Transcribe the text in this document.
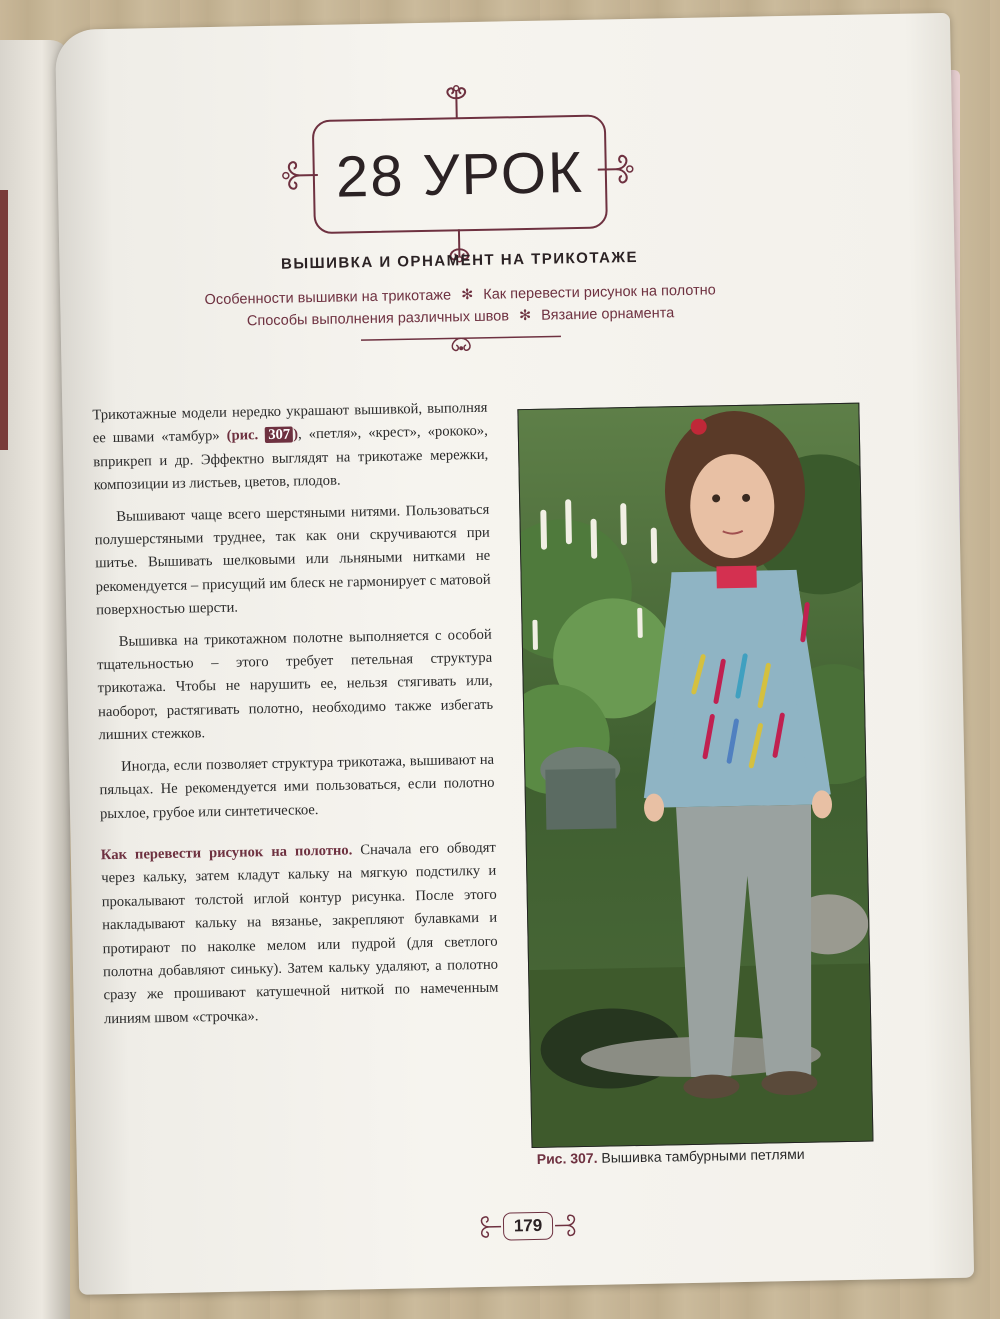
28 УРОК
ВЫШИВКА И ОРНАМЕНТ НА ТРИКОТАЖЕ
Особенности вышивки на трикотаже ✻ Как перевести рисунок на полотно
Способы выполнения различных швов ✻ Вязание орнамента

Трикотажные модели нередко украшают вышивкой, выполняя ее швами «тамбур» (рис. 307 ), «петля», «крест», «рококо», вприкреп и др. Эффектно выглядят на трикотаже мережки, композиции из листьев, цветов, плодов.

Вышивают чаще всего шерстяными нитями. Пользоваться полушерстяными труднее, так как они скручиваются при шитье. Вышивать шелковыми или льняными нитками не рекомендуется – присущий им блеск не гармонирует с матовой поверхностью шерсти.

Вышивка на трикотажном полотне выполняется с особой тщательностью – этого требует петельная структура трикотажа. Чтобы не нарушить ее, нельзя стягивать или, наоборот, растягивать полотно, необходимо также избегать лишних стежков.

Иногда, если позволяет структура трикотажа, вышивают на пяльцах. Не рекомендуется ими пользоваться, если полотно рыхлое, грубое или синтетическое.

Как перевести рисунок на полотно. Сначала его обводят через кальку, затем кладут кальку на мягкую подстилку и прокалывают толстой иглой контур рисунка. После этого накладывают кальку на вязанье, закрепляют булавками и протирают по наколке мелом или пудрой (для светлого полотна добавляют синьку). Затем кальку удаляют, а полотно сразу же прошивают катушечной ниткой по намеченным линиям швом «строчка».

Рис. 307. Вышивка тамбурными петлями
179
